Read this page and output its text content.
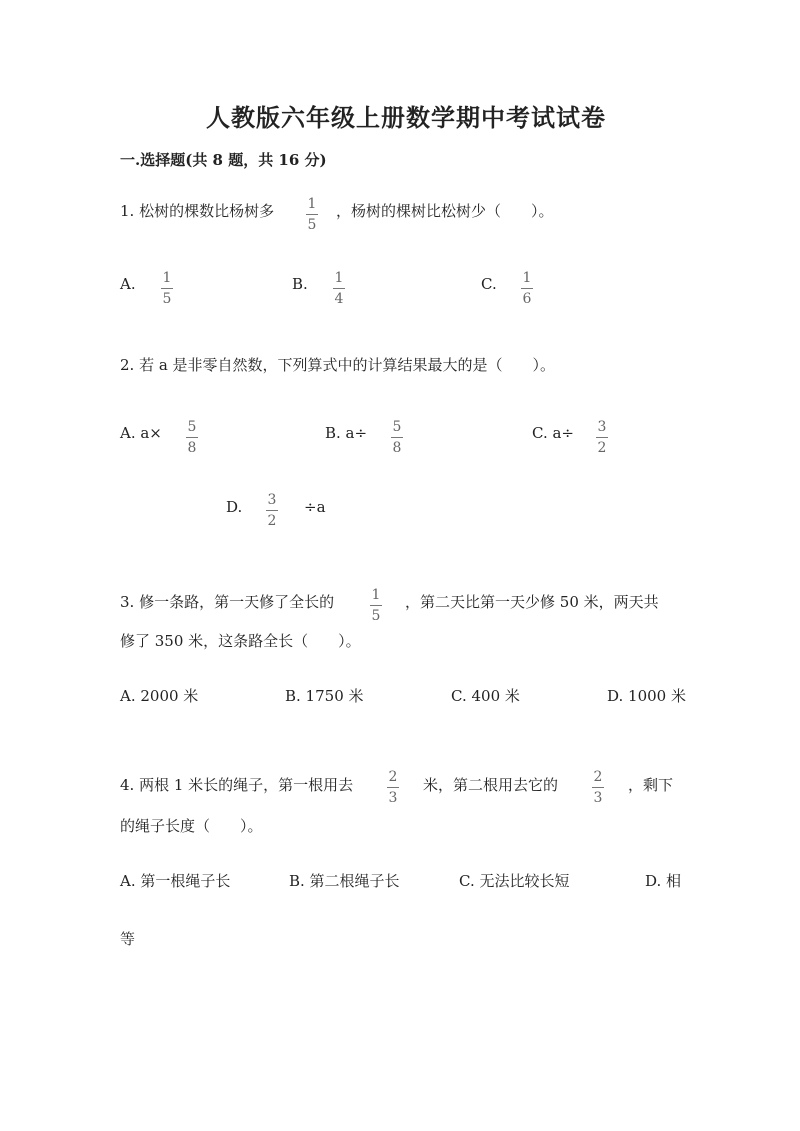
人教版六年级上册数学期中考试试卷
一.选择题(共 8 题，共 16 分)
1. 松树的棵数比杨树多 1
5
，杨树的棵树比松树少（　　）。
A. 1
5
B. 1
4
C. 1
6
2. 若 a 是非零自然数，下列算式中的计算结果最大的是（　　）。
A. a× 5
8
B. a÷ 5
8
C. a÷ 3
2
D. 3
2
÷a
3. 修一条路，第一天修了全长的	1
5
，第二天比第一天少修 50 米，两天共
修了 350 米，这条路全长（　　）。
A. 2000 米	B. 1750 米	C. 400 米	D. 1000 米
4. 两根 1 米长的绳子，第一根用去	2
3
米，第二根用去它的	2
3
，剩下
的绳子长度（　　）。
A. 第一根绳子长	B. 第二根绳子长	C. 无法比较长短	D. 相
等
